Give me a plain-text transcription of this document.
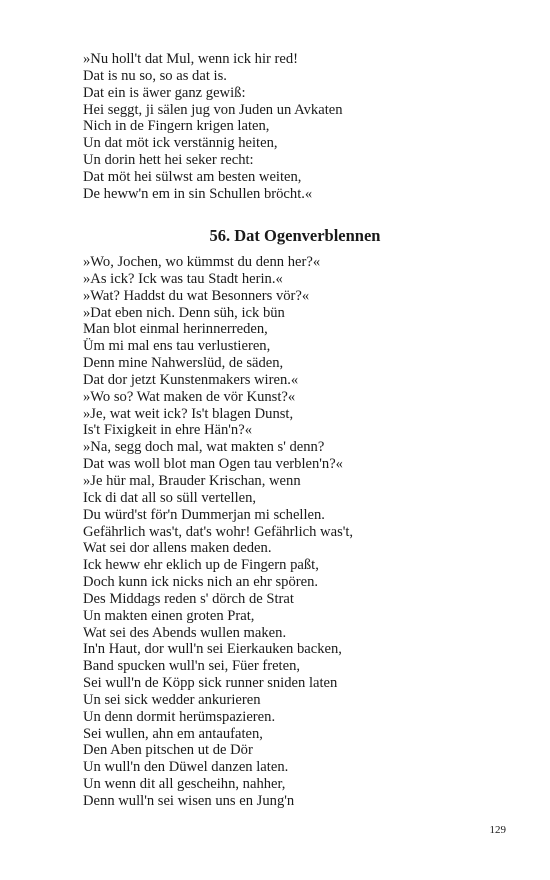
»Nu holl't dat Mul, wenn ick hir red!
Dat is nu so, so as dat is.
Dat ein is äwer ganz gewiß:
Hei seggt, ji sälen jug von Juden un Avkaten
Nich in de Fingern krigen laten,
Un dat möt ick verstännig heiten,
Un dorin hett hei seker recht:
Dat möt hei sülwst am besten weiten,
De heww'n em in sin Schullen bröcht.«
56. Dat Ogenverblennen
»Wo, Jochen, wo kümmst du denn her?«
»As ick? Ick was tau Stadt herin.«
»Wat? Haddst du wat Besonners vör?«
»Dat eben nich. Denn süh, ick bün
Man blot einmal herinnerreden,
Üm mi mal ens tau verlustieren,
Denn mine Nahwerslüd, de säden,
Dat dor jetzt Kunstenmakers wiren.«
»Wo so? Wat maken de vör Kunst?«
»Je, wat weit ick? Is't blagen Dunst,
Is't Fixigkeit in ehre Hän'n?«
»Na, segg doch mal, wat makten s' denn?
Dat was woll blot man Ogen tau verblen'n?«
»Je hür mal, Brauder Krischan, wenn
Ick di dat all so süll vertellen,
Du würd'st för'n Dummerjan mi schellen.
Gefährlich was't, dat's wohr! Gefährlich was't,
Wat sei dor allens maken deden.
Ick heww ehr eklich up de Fingern paßt,
Doch kunn ick nicks nich an ehr spören.
Des Middags reden s' dörch de Strat
Un makten einen groten Prat,
Wat sei des Abends wullen maken.
In'n Haut, dor wull'n sei Eierkauken backen,
Band spucken wull'n sei, Füer freten,
Sei wull'n de Köpp sick runner sniden laten
Un sei sick wedder ankurieren
Un denn dormit herümspazieren.
Sei wullen, ahn em antaufaten,
Den Aben pitschen ut de Dör
Un wull'n den Düwel danzen laten.
Un wenn dit all gescheihn, nahher,
Denn wull'n sei wisen uns en Jung'n
129
